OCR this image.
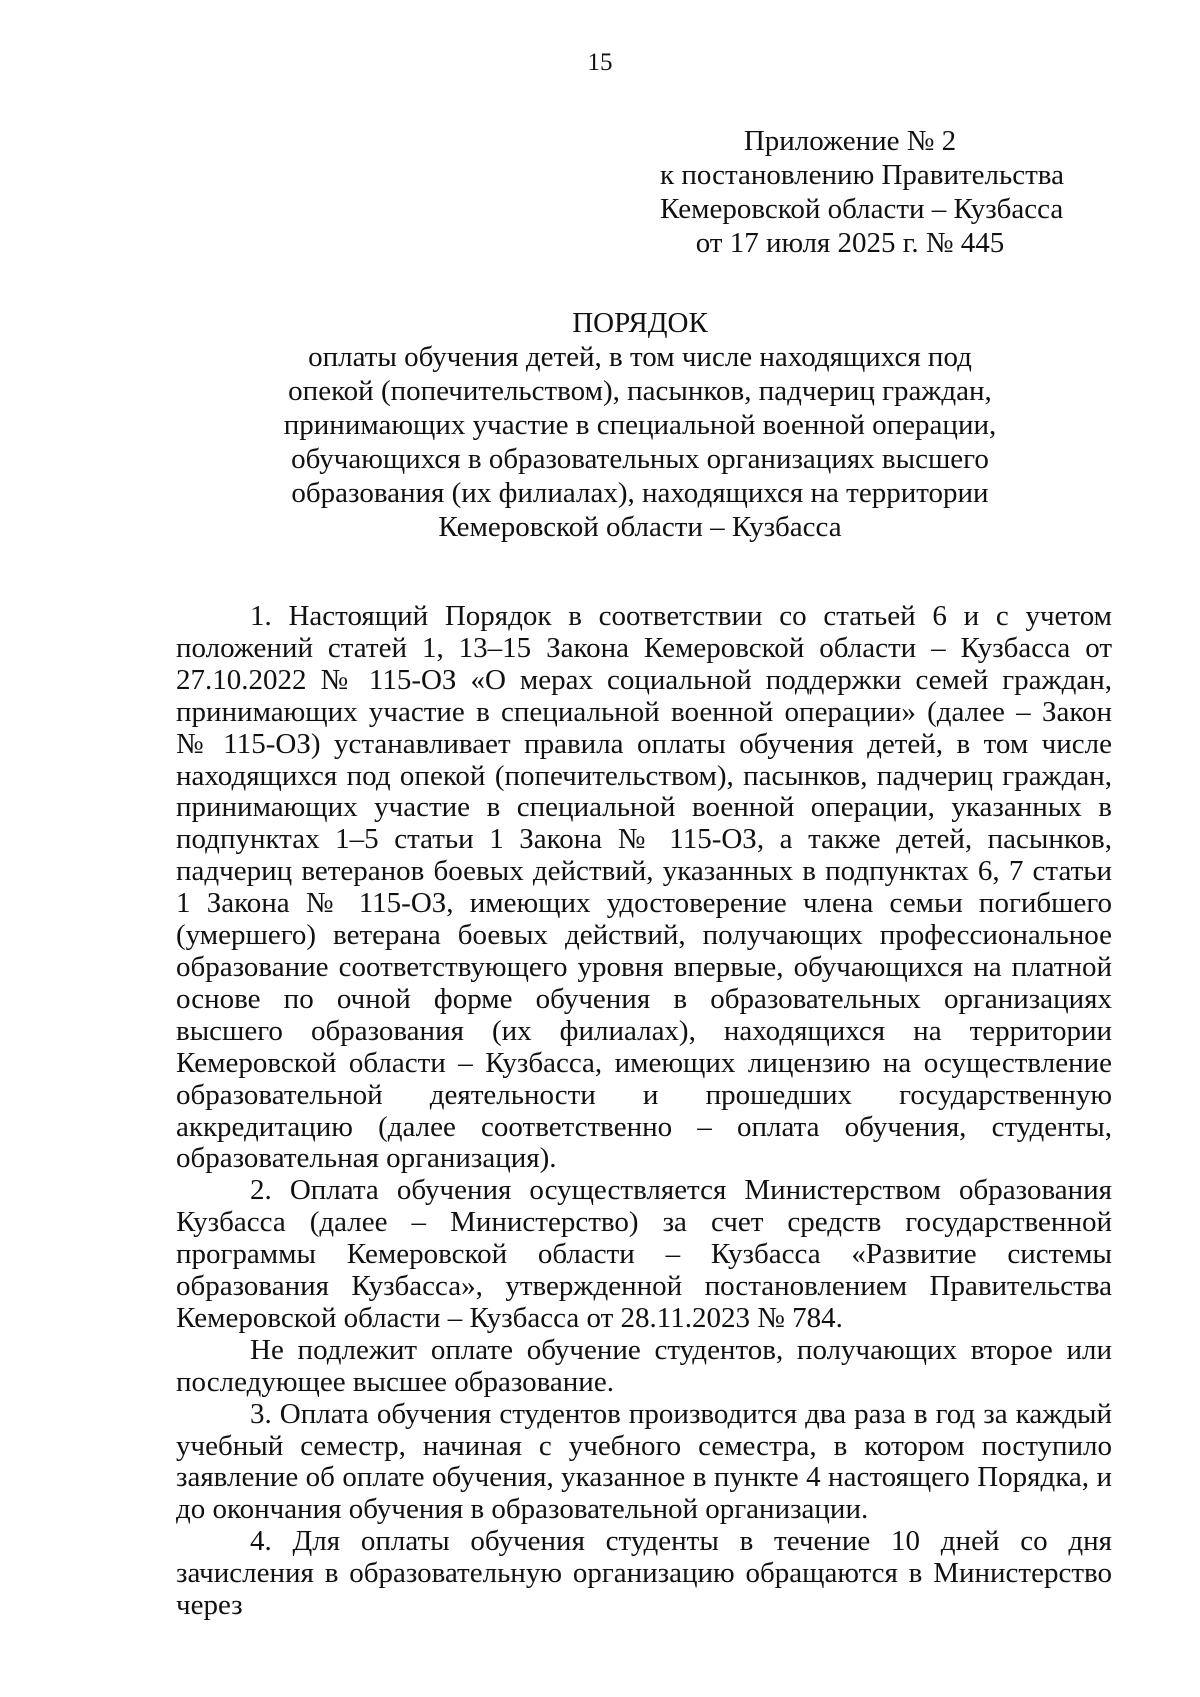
15
Приложение № 2
к постановлению Правительства
Кемеровской области – Кузбасса
от 17 июля 2025 г. № 445
ПОРЯДОК
оплаты обучения детей, в том числе находящихся под
опекой (попечительством), пасынков, падчериц граждан,
принимающих участие в специальной военной операции,
обучающихся в образовательных организациях высшего
образования (их филиалах), находящихся на территории
Кемеровской области – Кузбасса

1. Настоящий Порядок в соответствии со статьей 6 и с учетом положений статей 1, 13–15 Закона Кемеровской области – Кузбасса от 27.10.2022 № 115-ОЗ «О мерах социальной поддержки семей граждан, принимающих участие в специальной военной операции» (далее – Закон № 115-ОЗ) устанавливает правила оплаты обучения детей, в том числе находящихся под опекой (попечительством), пасынков, падчериц граждан, принимающих участие в специальной военной операции, указанных в подпунктах 1–5 статьи 1 Закона № 115-ОЗ, а также детей, пасынков, падчериц ветеранов боевых действий, указанных в подпунктах 6, 7 статьи 1 Закона № 115-ОЗ, имеющих удостоверение члена семьи погибшего (умершего) ветерана боевых действий, получающих профессиональное образование соответствующего уровня впервые, обучающихся на платной основе по очной форме обучения в образовательных организациях высшего образования (их филиалах), находящихся на территории Кемеровской области – Кузбасса, имеющих лицензию на осуществление образовательной деятельности и прошедших государственную аккредитацию (далее соответственно – оплата обучения, студенты, образовательная организация).

2. Оплата обучения осуществляется Министерством образования Кузбасса (далее – Министерство) за счет средств государственной программы Кемеровской области – Кузбасса «Развитие системы образования Кузбасса», утвержденной постановлением Правительства Кемеровской области – Кузбасса от 28.11.2023 № 784.

Не подлежит оплате обучение студентов, получающих второе или последующее высшее образование.

3. Оплата обучения студентов производится два раза в год за каждый учебный семестр, начиная с учебного семестра, в котором поступило заявление об оплате обучения, указанное в пункте 4 настоящего Порядка, и до окончания обучения в образовательной организации.

4. Для оплаты обучения студенты в течение 10 дней со дня зачисления в образовательную организацию обращаются в Министерство через
